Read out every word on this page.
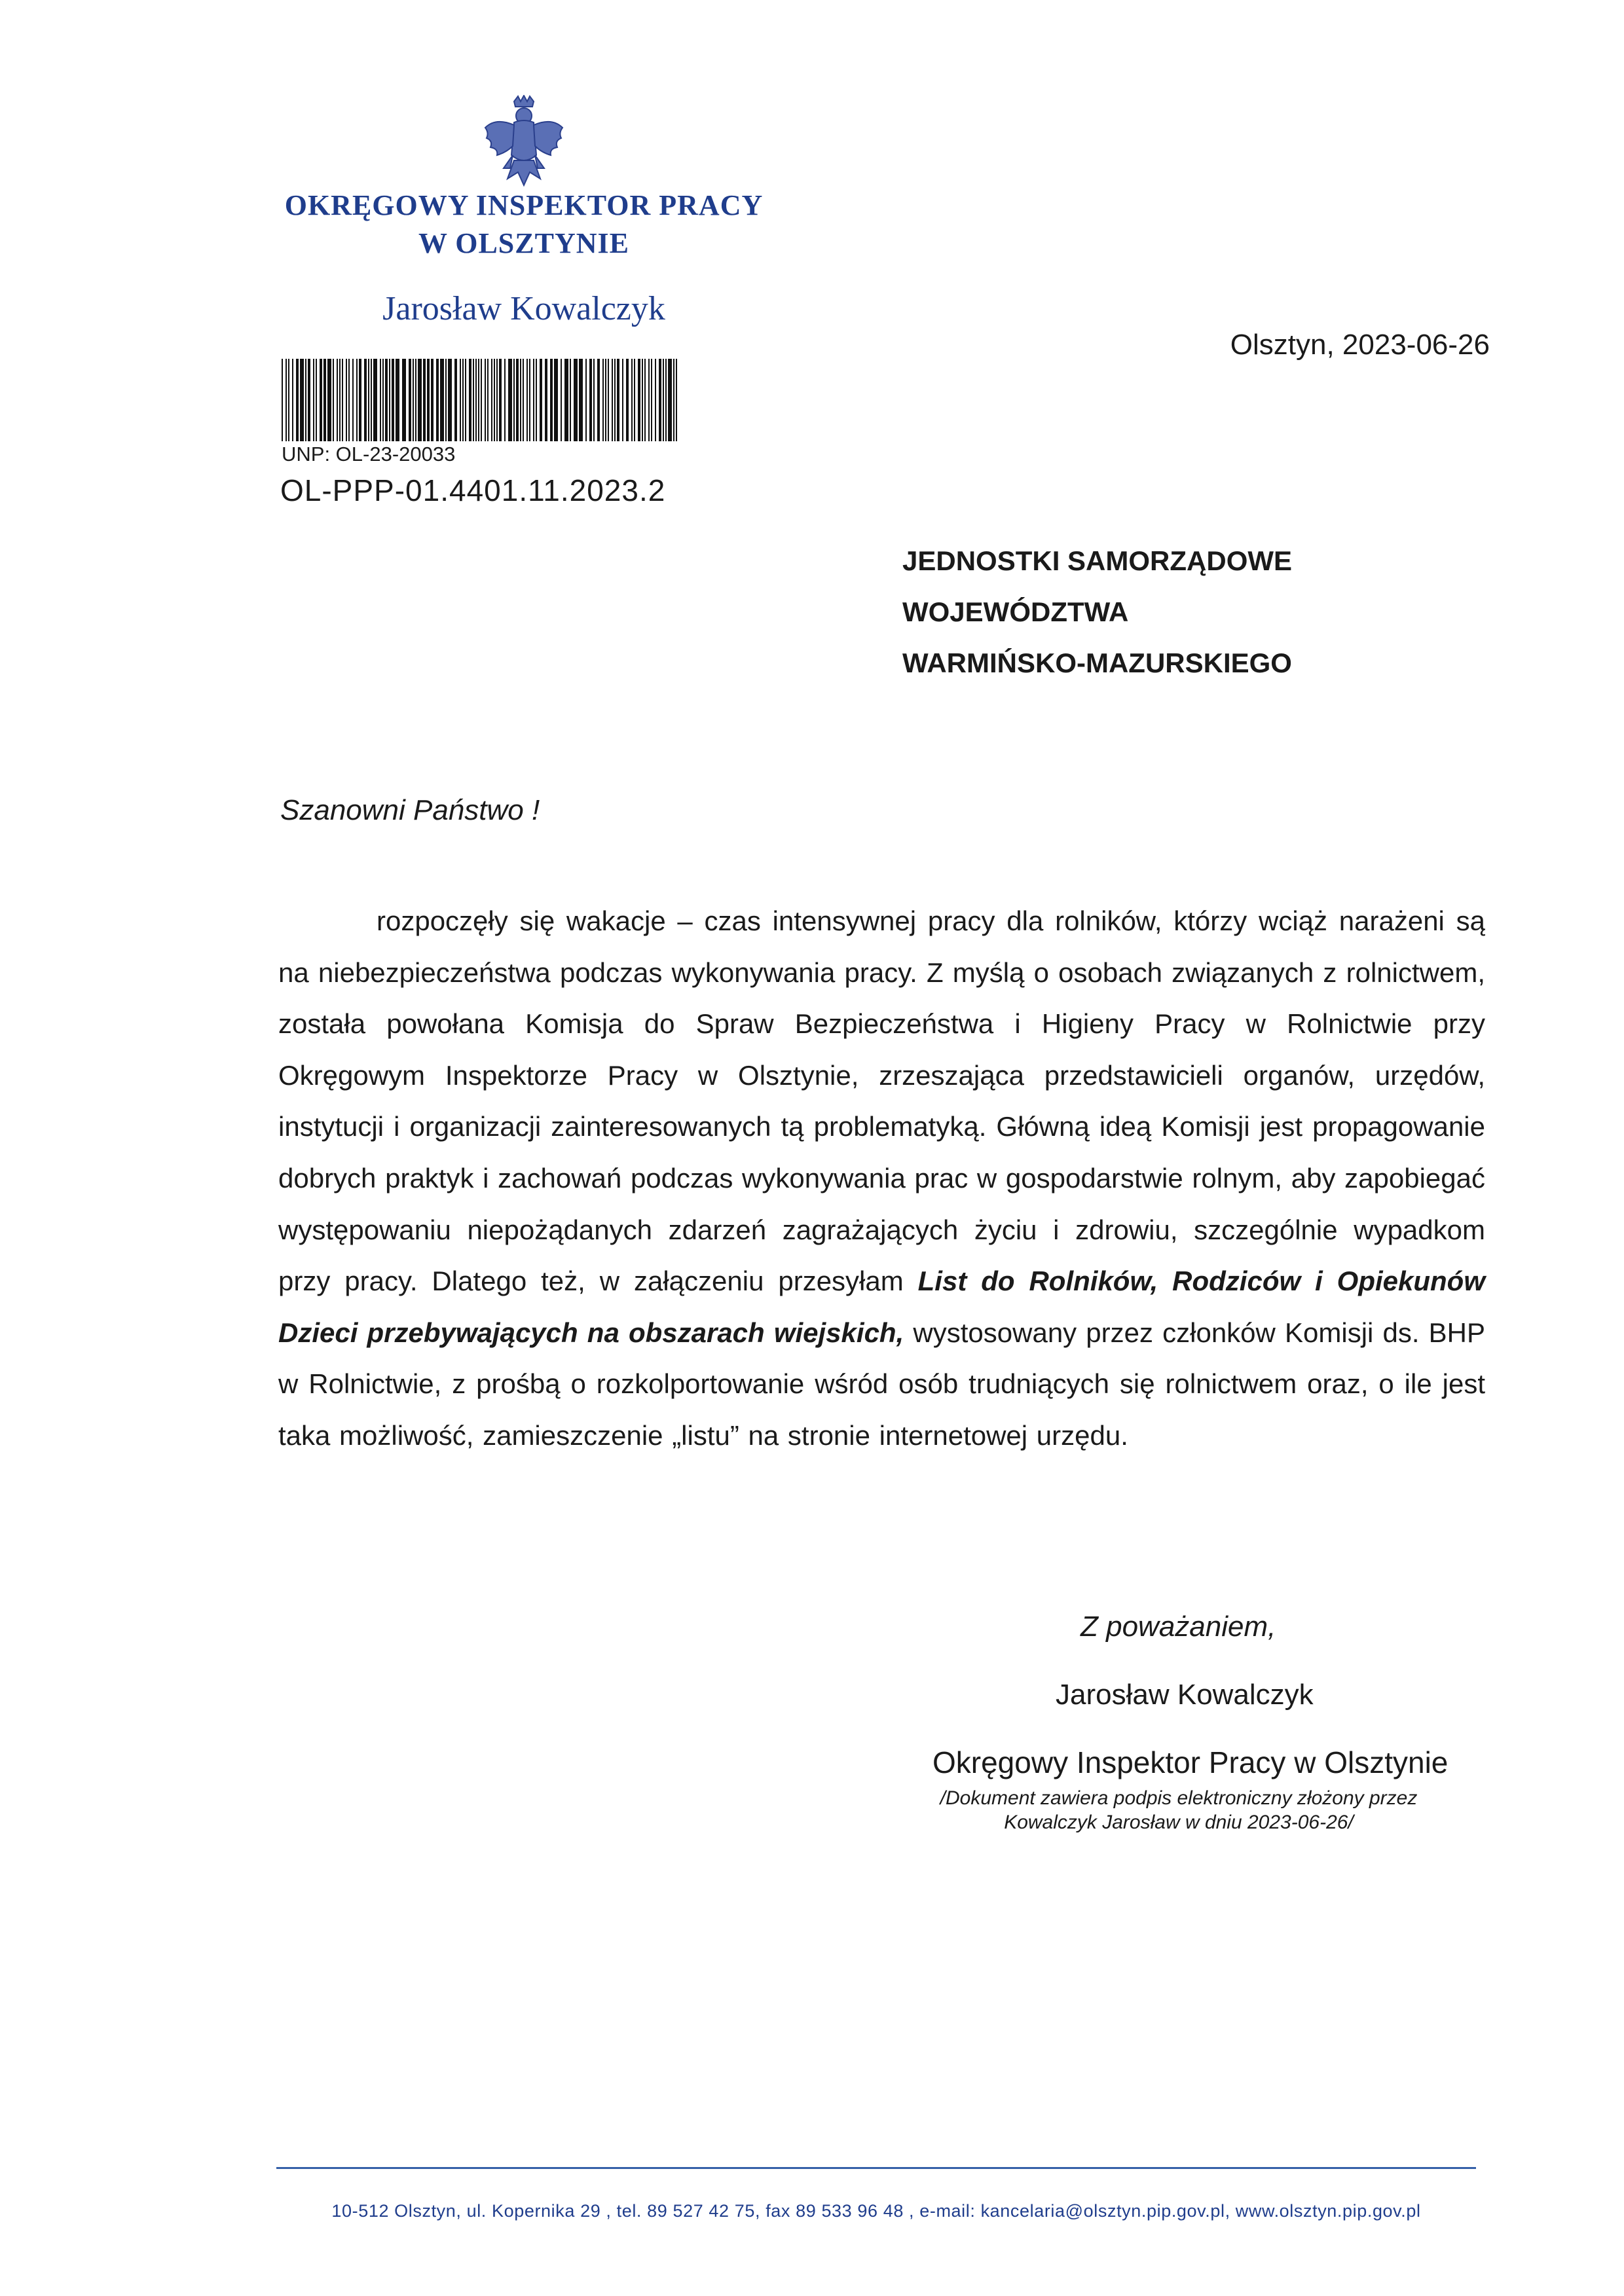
OKRĘGOWY INSPEKTOR PRACY
W OLSZTYNIE
Jarosław Kowalczyk
UNP: OL-23-20033
OL-PPP-01.4401.11.2023.2
Olsztyn, 2023-06-26
JEDNOSTKI SAMORZĄDOWE
WOJEWÓDZTWA
WARMIŃSKO-MAZURSKIEGO
Szanowni Państwo !
rozpoczęły się wakacje – czas intensywnej pracy dla rolników, którzy wciąż narażeni są na niebezpieczeństwa podczas wykonywania pracy. Z myślą o osobach związanych z rolnictwem, została powołana Komisja do Spraw Bezpieczeństwa i Higieny Pracy w Rolnictwie przy Okręgowym Inspektorze Pracy w Olsztynie, zrzeszająca przedstawicieli organów, urzędów, instytucji i organizacji zainteresowanych tą problematyką. Główną ideą Komisji jest propagowanie dobrych praktyk i zachowań podczas wykonywania prac w gospodarstwie rolnym, aby zapobiegać występowaniu niepożądanych zdarzeń zagrażających życiu i zdrowiu, szczególnie wypadkom przy pracy. Dlatego też, w załączeniu przesyłam List do Rolników, Rodziców i Opiekunów Dzieci przebywających na obszarach wiejskich, wystosowany przez członków Komisji ds. BHP w Rolnictwie, z prośbą o rozkolportowanie wśród osób trudniących się rolnictwem oraz, o ile jest taka możliwość, zamieszczenie „listu” na stronie internetowej urzędu.
Z poważaniem,
Jarosław Kowalczyk
Okręgowy Inspektor Pracy w Olsztynie
/Dokument zawiera podpis elektroniczny złożony przez
Kowalczyk Jarosław w dniu 2023-06-26/
10-512 Olsztyn, ul. Kopernika 29 , tel. 89 527 42 75, fax 89 533 96 48 , e-mail: kancelaria@olsztyn.pip.gov.pl, www.olsztyn.pip.gov.pl
